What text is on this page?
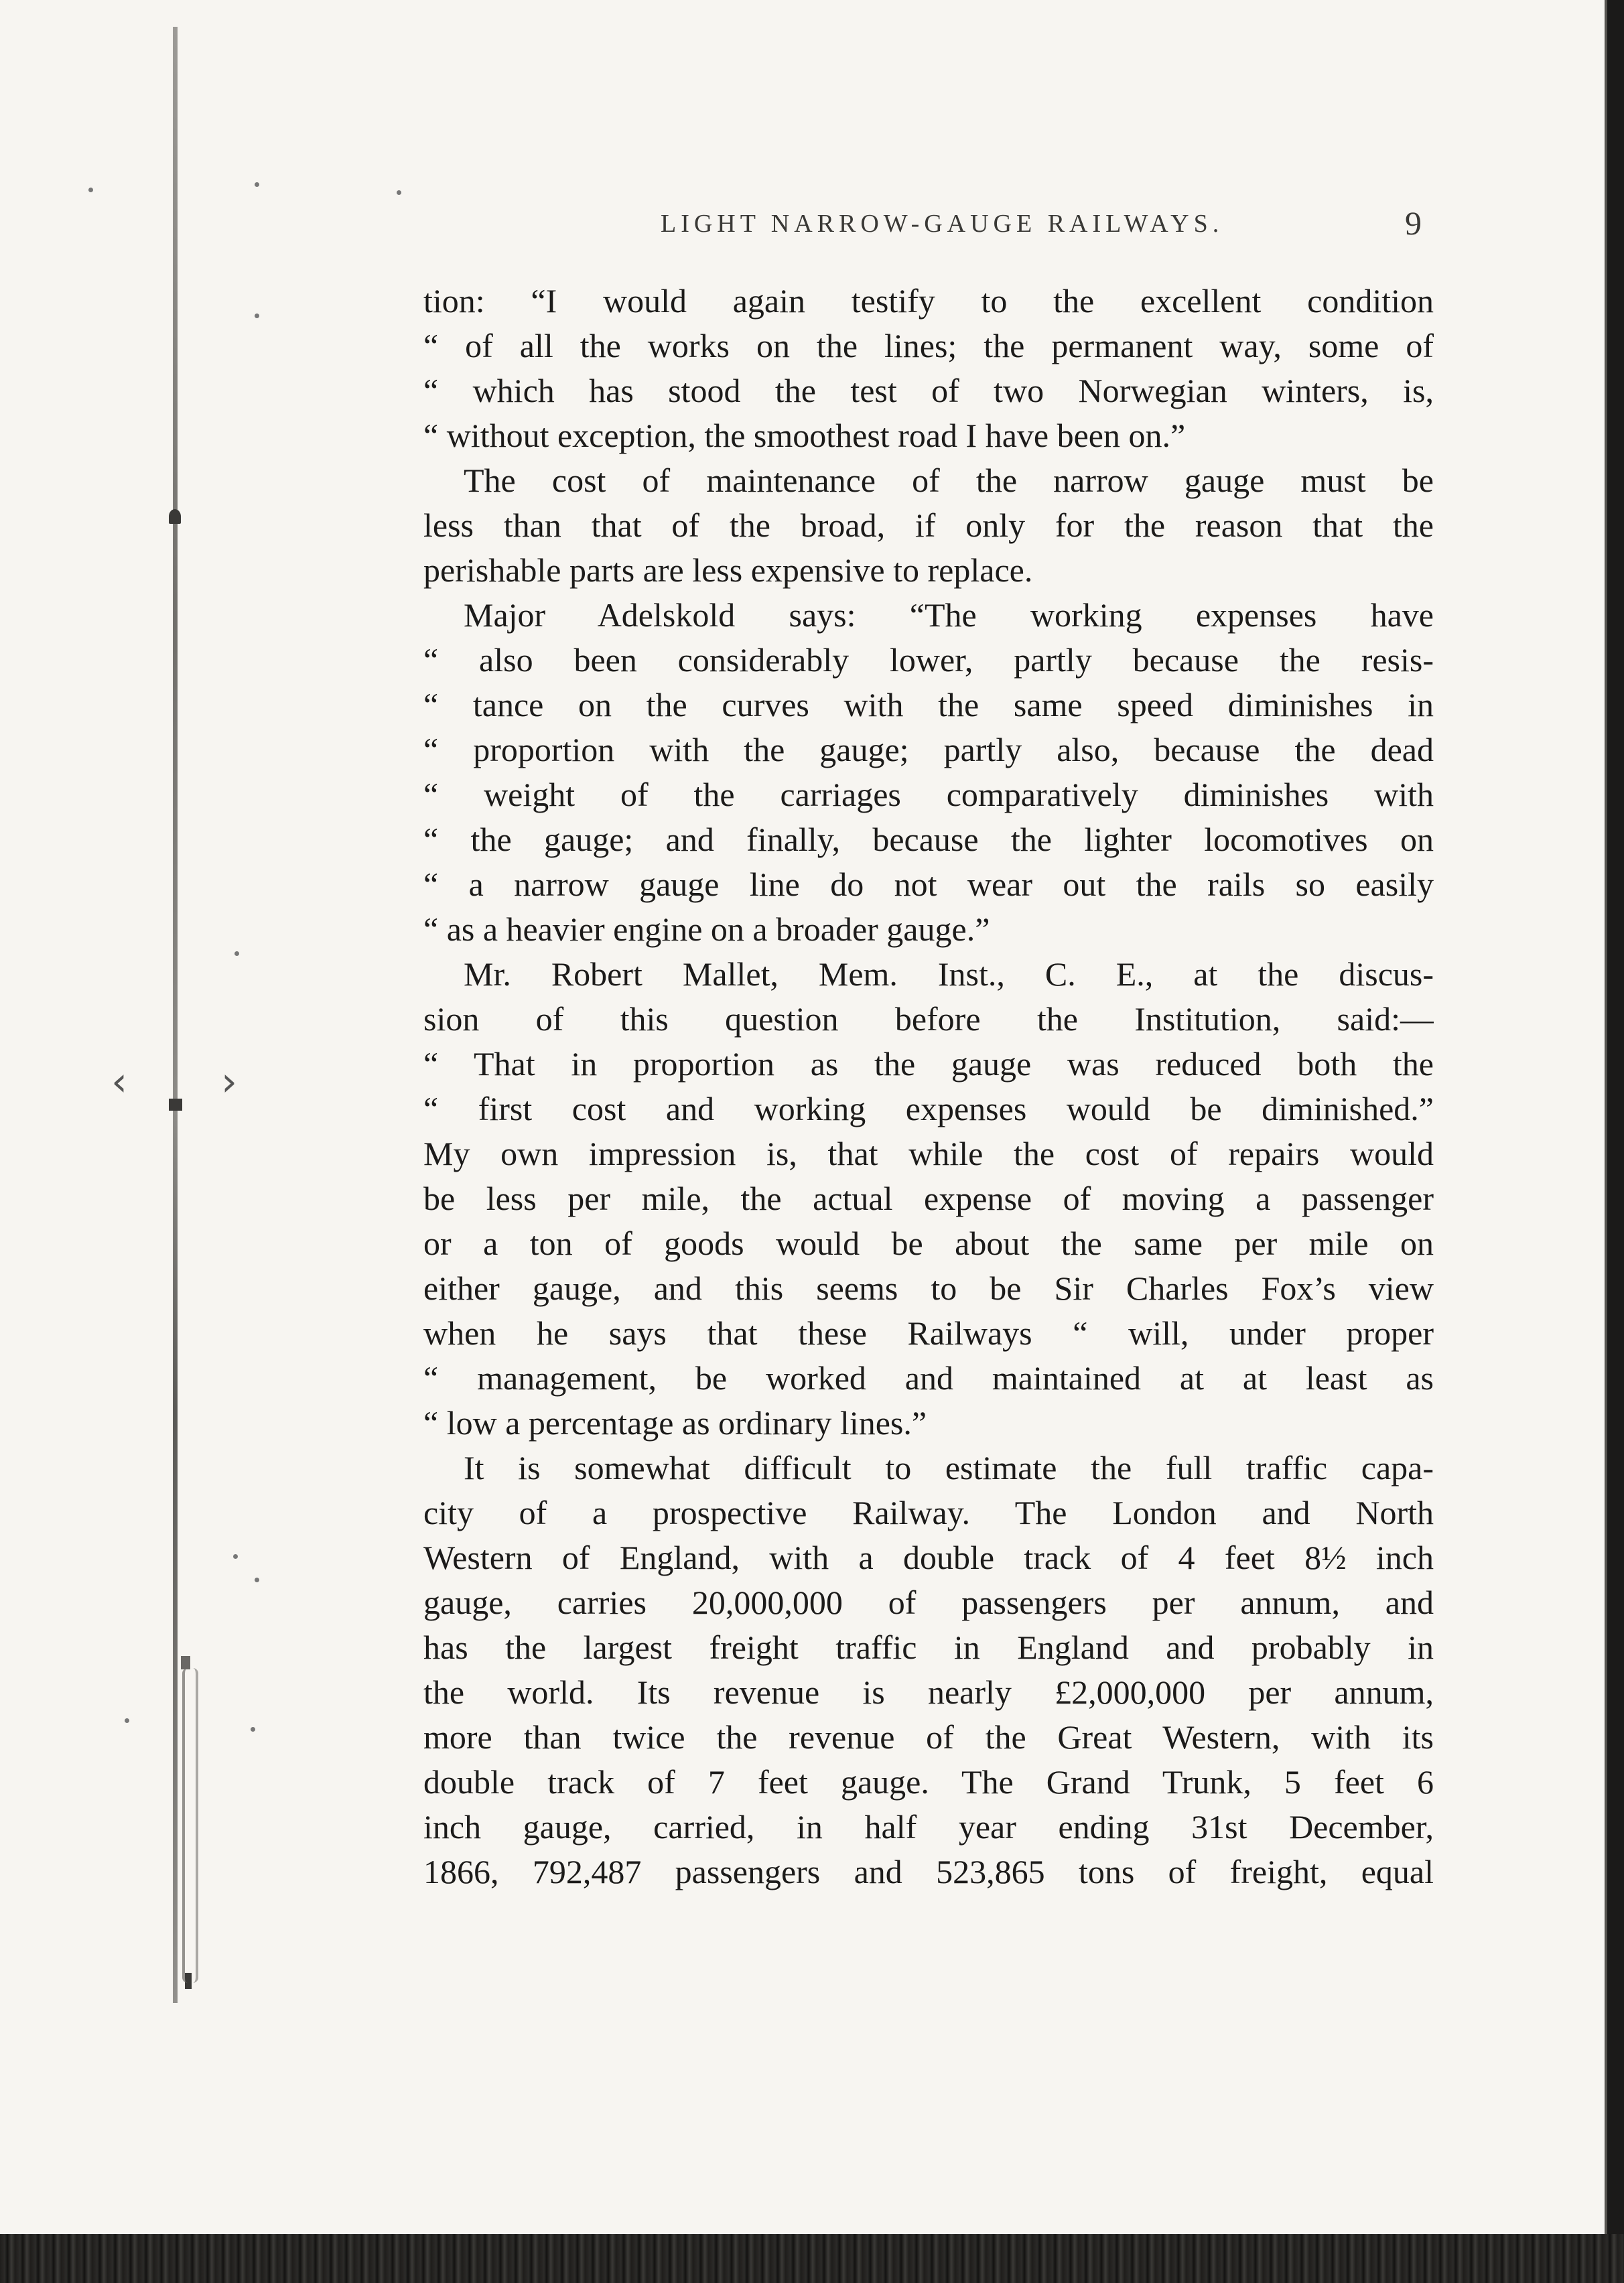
‹ ›
LIGHT NARROW-GAUGE RAILWAYS.	9
tion: “I would again testify to the excellent condition
“ of all the works on the lines; the permanent way, some of
“ which has stood the test of two Norwegian winters, is,
“ without exception, the smoothest road I have been on.”
The cost of maintenance of the narrow gauge must be
less than that of the broad, if only for the reason that the
perishable parts are less expensive to replace.
Major Adelskold says: “The working expenses have
“ also been considerably lower, partly because the resis-
“ tance on the curves with the same speed diminishes in
“ proportion with the gauge; partly also, because the dead
“ weight of the carriages comparatively diminishes with
“ the gauge; and finally, because the lighter locomotives on
“ a narrow gauge line do not wear out the rails so easily
“ as a heavier engine on a broader gauge.”
Mr. Robert Mallet, Mem. Inst., C. E., at the discus-
sion of this question before the Institution, said:—
“ That in proportion as the gauge was reduced both the
“ first cost and working expenses would be diminished.”
My own impression is, that while the cost of repairs would
be less per mile, the actual expense of moving a passenger
or a ton of goods would be about the same per mile on
either gauge, and this seems to be Sir Charles Fox’s view
when he says that these Railways “ will, under proper
“ management, be worked and maintained at at least as
“ low a percentage as ordinary lines.”
It is somewhat difficult to estimate the full traffic capa-
city of a prospective Railway. The London and North
Western of England, with a double track of 4 feet 8½ inch
gauge, carries 20,000,000 of passengers per annum, and
has the largest freight traffic in England and probably in
the world. Its revenue is nearly £2,000,000 per annum,
more than twice the revenue of the Great Western, with its
double track of 7 feet gauge. The Grand Trunk, 5 feet 6
inch gauge, carried, in half year ending 31st December,
1866, 792,487 passengers and 523,865 tons of freight, equal
